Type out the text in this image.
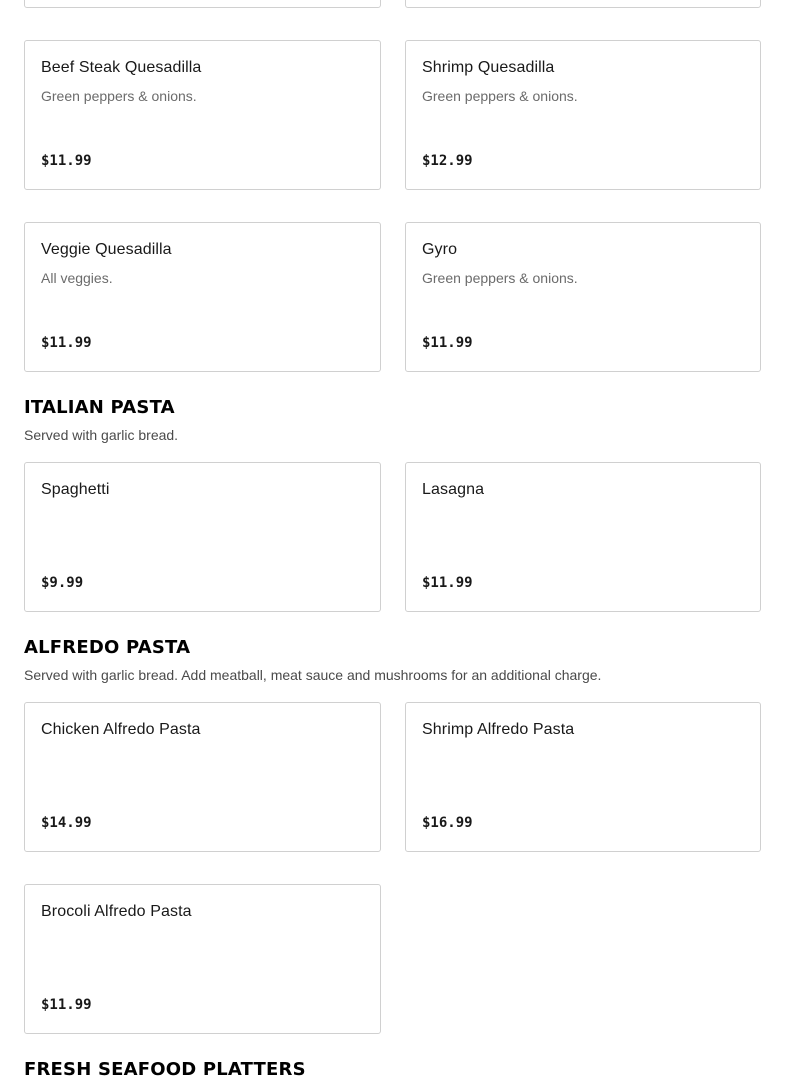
Beef Steak Quesadilla
Green peppers & onions.
$11.99
Shrimp Quesadilla
Green peppers & onions.
$12.99
Veggie Quesadilla
All veggies.
$11.99
Gyro
Green peppers & onions.
$11.99
ITALIAN PASTA
Served with garlic bread.
Spaghetti
$9.99
Lasagna
$11.99
ALFREDO PASTA
Served with garlic bread. Add meatball, meat sauce and mushrooms for an additional charge.
Chicken Alfredo Pasta
$14.99
Shrimp Alfredo Pasta
$16.99
Brocoli Alfredo Pasta
$11.99
FRESH SEAFOOD PLATTERS
